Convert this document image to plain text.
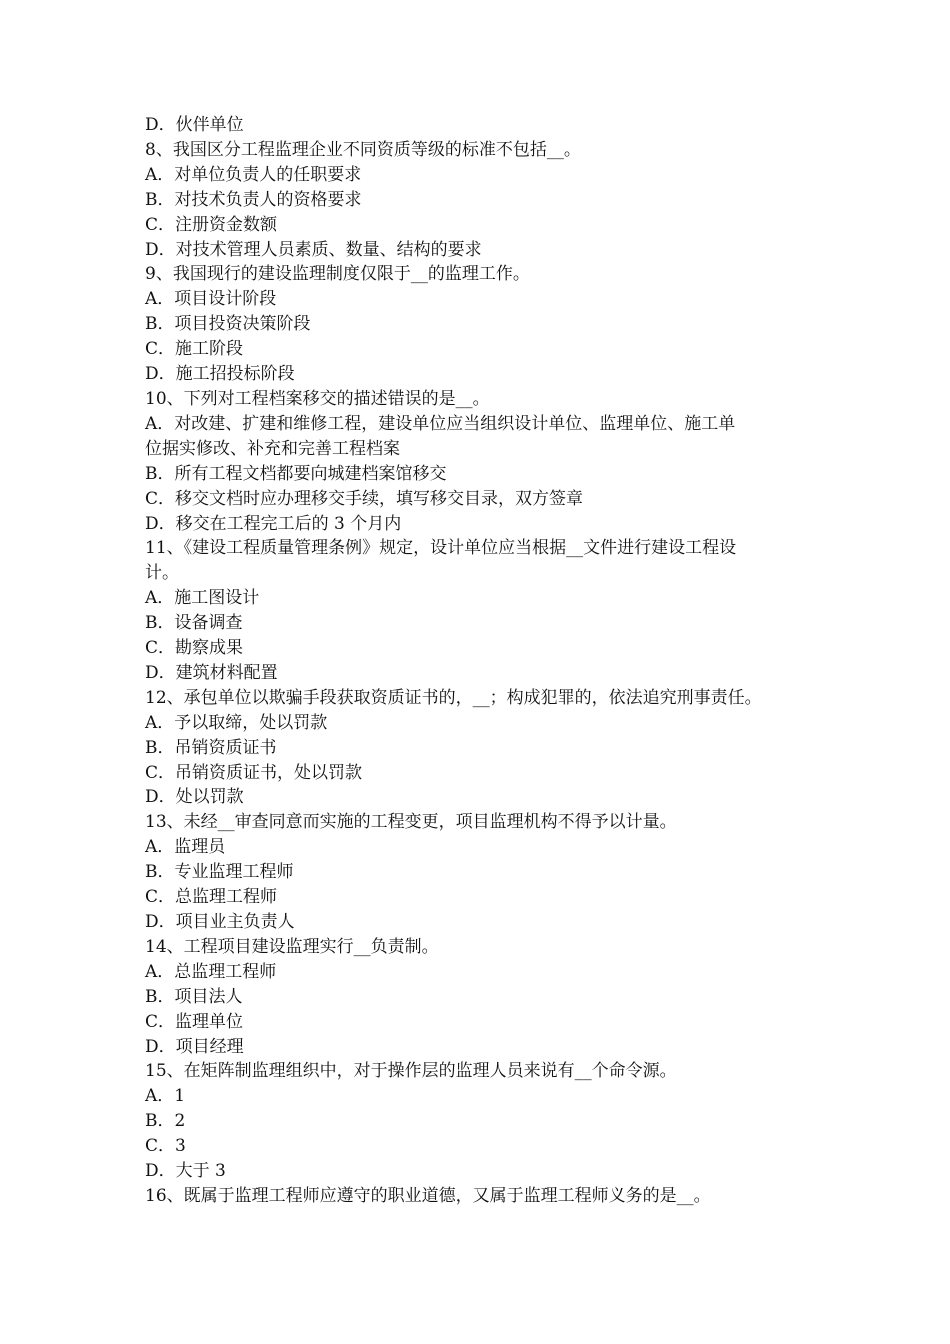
D．伙伴单位

8、我国区分工程监理企业不同资质等级的标准不包括__。

A．对单位负责人的任职要求

B．对技术负责人的资格要求

C．注册资金数额

D．对技术管理人员素质、数量、结构的要求

9、我国现行的建设监理制度仅限于__的监理工作。

A．项目设计阶段

B．项目投资决策阶段

C．施工阶段

D．施工招投标阶段

10、下列对工程档案移交的描述错误的是__。

A．对改建、扩建和维修工程，建设单位应当组织设计单位、监理单位、施工单

位据实修改、补充和完善工程档案

B．所有工程文档都要向城建档案馆移交

C．移交文档时应办理移交手续，填写移交目录，双方签章

D．移交在工程完工后的 3 个月内

11、《建设工程质量管理条例》规定，设计单位应当根据__文件进行建设工程设

计。

A．施工图设计

B．设备调查

C．勘察成果

D．建筑材料配置

12、承包单位以欺骗手段获取资质证书的，__；构成犯罪的，依法追究刑事责任。

A．予以取缔，处以罚款

B．吊销资质证书

C．吊销资质证书，处以罚款

D．处以罚款

13、未经__审查同意而实施的工程变更，项目监理机构不得予以计量。

A．监理员

B．专业监理工程师

C．总监理工程师

D．项目业主负责人

14、工程项目建设监理实行__负责制。

A．总监理工程师

B．项目法人

C．监理单位

D．项目经理

15、在矩阵制监理组织中，对于操作层的监理人员来说有__个命令源。

A．1

B．2

C．3

D．大于 3

16、既属于监理工程师应遵守的职业道德，又属于监理工程师义务的是__。
